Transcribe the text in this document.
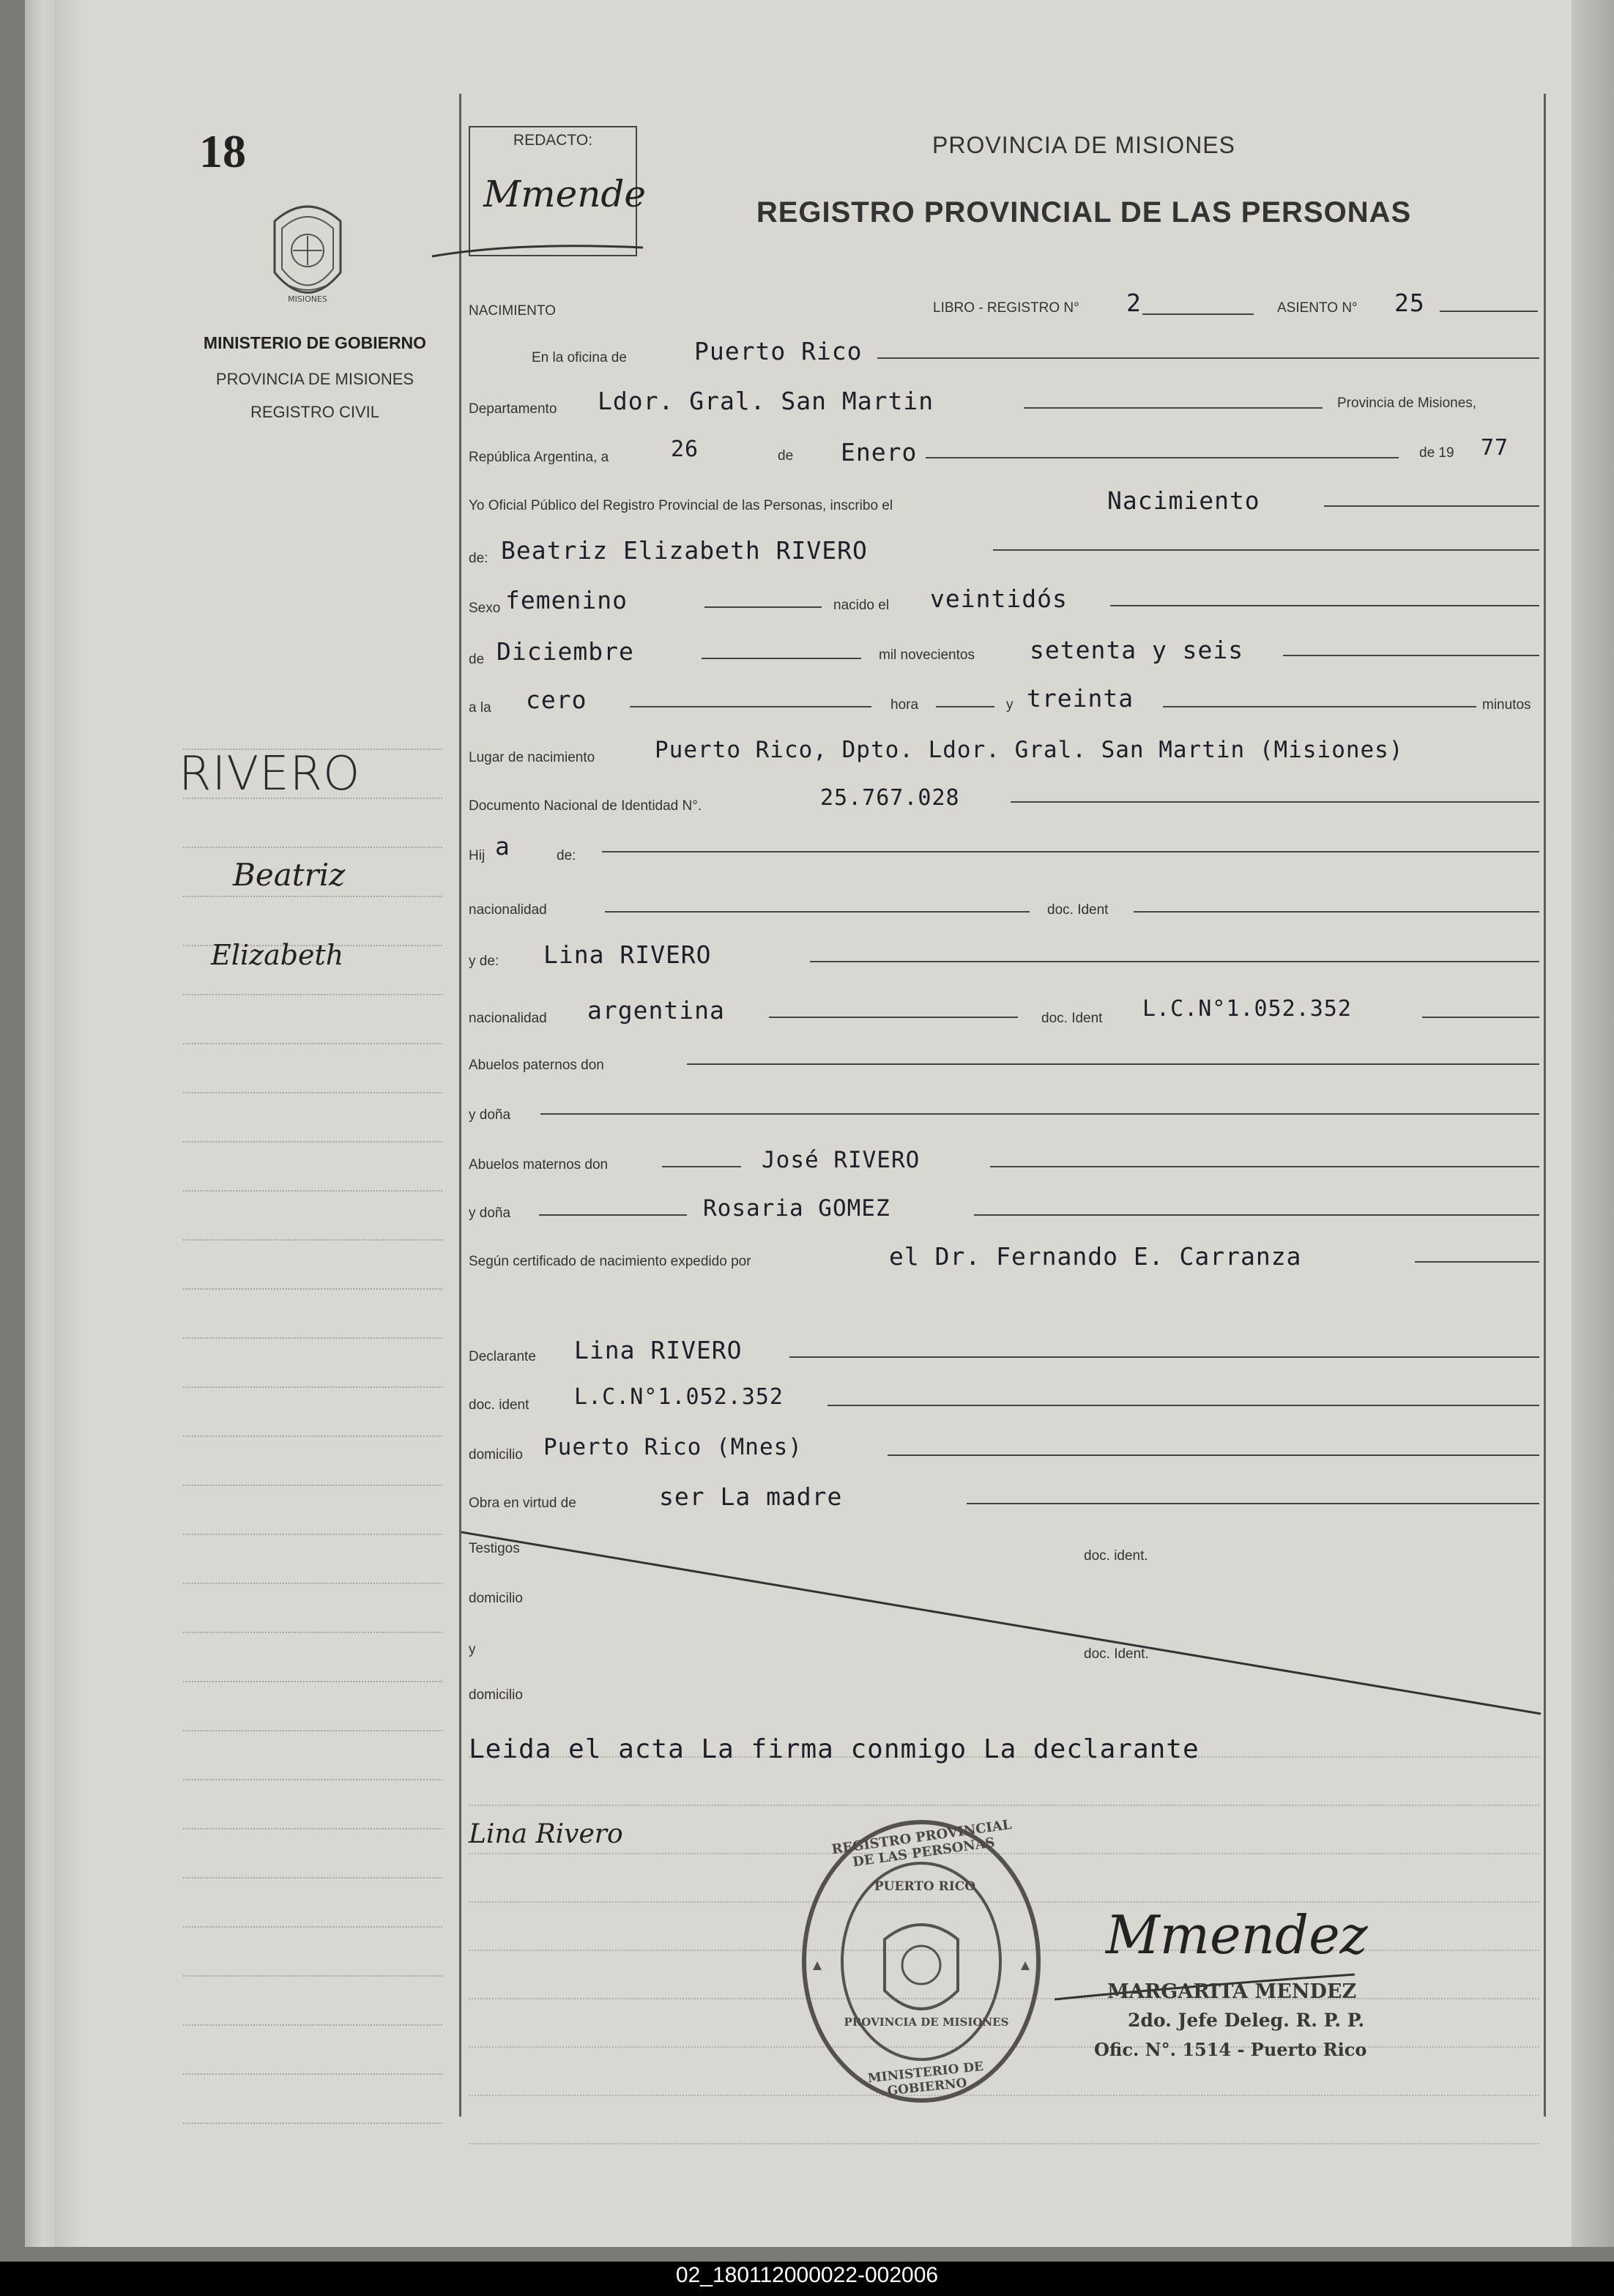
18
MISIONES
MINISTERIO DE GOBIERNO
PROVINCIA DE MISIONES
REGISTRO CIVIL
RIVERO
Beatriz
Elizabeth
REDACTO:
Mmende
PROVINCIA DE MISIONES
REGISTRO PROVINCIAL DE LAS PERSONAS
NACIMIENTO	LIBRO - REGISTRO N° 2	ASIENTO N° 25
En la oficina de	Puerto Rico
Departamento Ldor. Gral. San Martin	Provincia de Misiones,
República Argentina, a	26	de Enero	de 19 77
Yo Oficial Público del Registro Provincial de las Personas, inscribo el	Nacimiento
de: Beatriz Elizabeth RIVERO
Sexo femenino	nacido el veintidós
de Diciembre	mil novecientos setenta y seis
a la cero	hora	y treinta	minutos
Lugar de nacimiento	Puerto Rico, Dpto. Ldor. Gral. San Martin (Misiones)
Documento Nacional de Identidad N°.	25.767.028
Hij a	de:
nacionalidad	doc. Ident
y de: Lina RIVERO
nacionalidad argentina	doc. Ident L.C.N°1.052.352
Abuelos paternos don
y doña
Abuelos maternos don	José RIVERO
y doña	Rosaria GOMEZ
Según certificado de nacimiento expedido por	el Dr. Fernando E. Carranza
Declarante Lina RIVERO
doc. ident L.C.N°1.052.352
domicilio Puerto Rico (Mnes)
Obra en virtud de	ser La madre
Testigos	doc. ident.
domicilio
y	doc. Ident.
domicilio
Leida el acta La firma conmigo La declarante
Lina Rivero	REGISTRO PROVINCIAL DE LAS PERSONAS
PUERTO RICO
PROVINCIA DE MISIONES
MINISTERIO DE GOBIERNO
Mmendez
MARGARITA MENDEZ
2do. Jefe Deleg. R. P. P.
Ofic. N°. 1514 - Puerto Rico
02_180112000022-002006
